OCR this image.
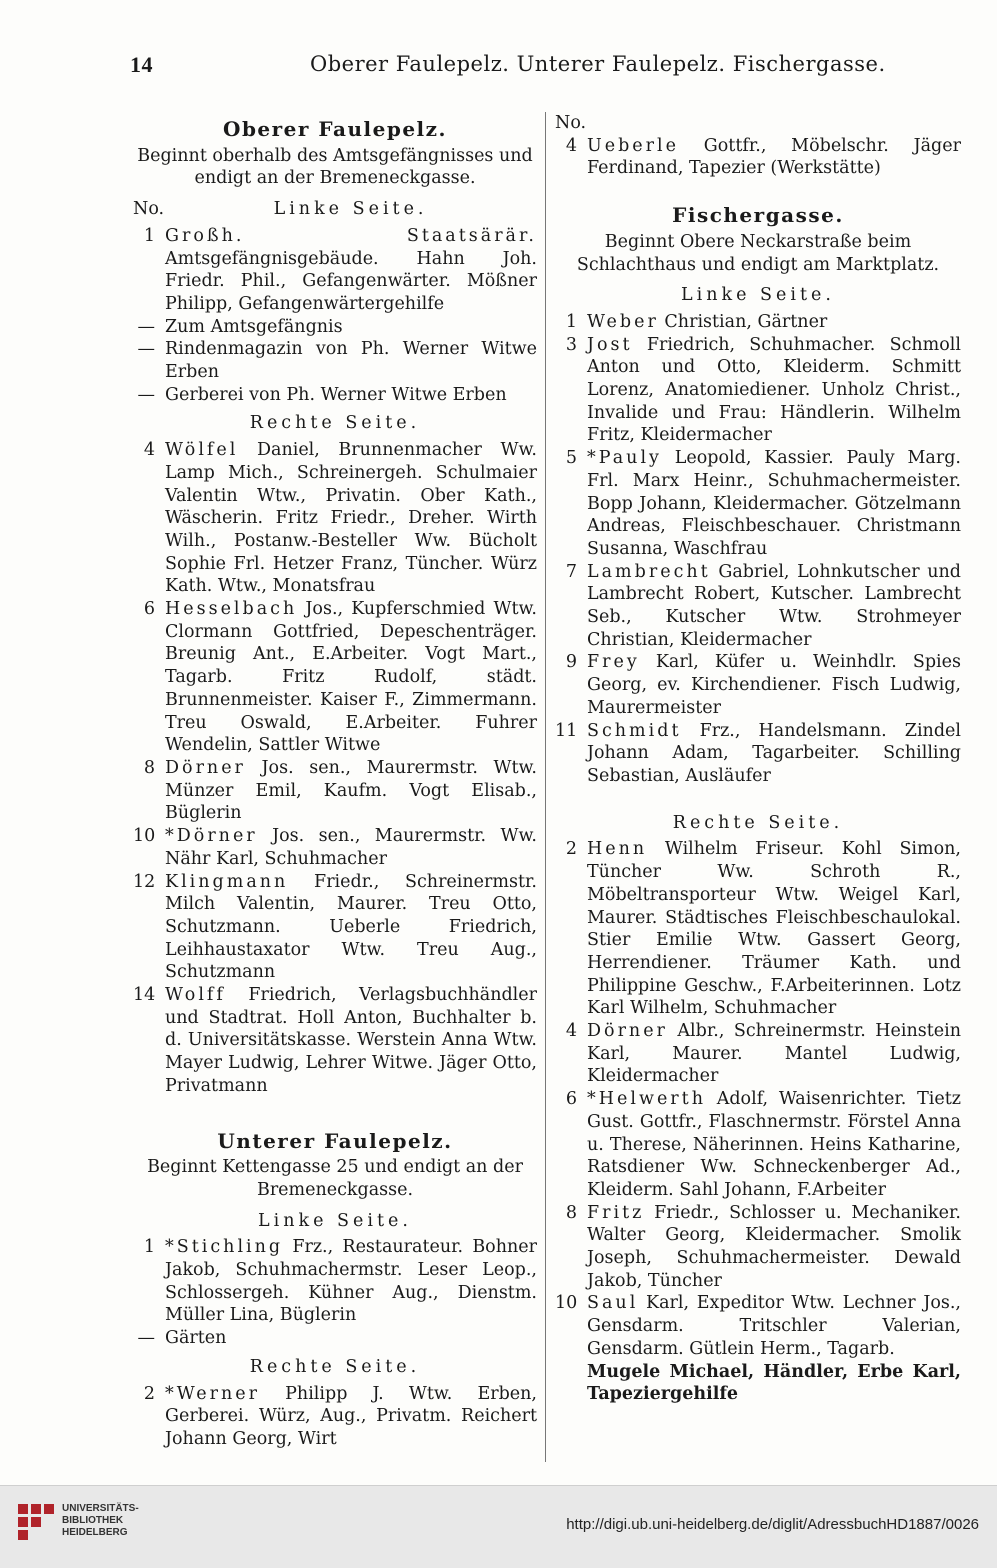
14	Oberer Faulepelz. Unterer Faulepelz. Fischergasse.
Oberer Faulepelz.
Beginnt oberhalb des Amtsgefängnisses und endigt an der Bremeneckgasse.
No.	Linke Seite.
1 Großh. Staatsärär. Amtsgefängnisgebäude. Hahn Joh. Friedr. Phil., Gefangenwärter. Mößner Philipp, Gefangenwärtergehilfe
— Zum Amtsgefängnis
— Rindenmagazin von Ph. Werner Witwe Erben
— Gerberei von Ph. Werner Witwe Erben
Rechte Seite.
4 Wölfel Daniel, Brunnenmacher Ww. Lamp Mich., Schreinergeh. Schulmaier Valentin Wtw., Privatin. Ober Kath., Wäscherin. Fritz Friedr., Dreher. Wirth Wilh., Postanw.-Besteller Ww. Bücholt Sophie Frl. Hetzer Franz, Tüncher. Würz Kath. Wtw., Monatsfrau
6 Hesselbach Jos., Kupferschmied Wtw. Clormann Gottfried, Depeschenträger. Breunig Ant., E.Arbeiter. Vogt Mart., Tagarb. Fritz Rudolf, städt. Brunnenmeister. Kaiser F., Zimmermann. Treu Oswald, E.Arbeiter. Fuhrer Wendelin, Sattler Witwe
8 Dörner Jos. sen., Maurermstr. Wtw. Münzer Emil, Kaufm. Vogt Elisab., Büglerin
10 *Dörner Jos. sen., Maurermstr. Ww. Nähr Karl, Schuhmacher
12 Klingmann Friedr., Schreinermstr. Milch Valentin, Maurer. Treu Otto, Schutzmann. Ueberle Friedrich, Leihhaustaxator Wtw. Treu Aug., Schutzmann
14 Wolff Friedrich, Verlagsbuchhändler und Stadtrat. Holl Anton, Buchhalter b. d. Universitätskasse. Werstein Anna Wtw. Mayer Ludwig, Lehrer Witwe. Jäger Otto, Privatmann
Unterer Faulepelz.
Beginnt Kettengasse 25 und endigt an der Bremeneckgasse.
Linke Seite.
1 *Stichling Frz., Restaurateur. Bohner Jakob, Schuhmachermstr. Leser Leop., Schlossergeh. Kühner Aug., Dienstm. Müller Lina, Büglerin
— Gärten
Rechte Seite.
2 *Werner Philipp J. Wtw. Erben, Gerberei. Würz, Aug., Privatm. Reichert Johann Georg, Wirt
No.
4 Ueberle Gottfr., Möbelschr. Jäger Ferdinand, Tapezier (Werkstätte)
Fischergasse.
Beginnt Obere Neckarstraße beim Schlachthaus und endigt am Marktplatz.
Linke Seite.
1 Weber Christian, Gärtner
3 Jost Friedrich, Schuhmacher. Schmoll Anton und Otto, Kleiderm. Schmitt Lorenz, Anatomiediener. Unholz Christ., Invalide und Frau: Händlerin. Wilhelm Fritz, Kleidermacher
5 *Pauly Leopold, Kassier. Pauly Marg. Frl. Marx Heinr., Schuhmachermeister. Bopp Johann, Kleidermacher. Götzelmann Andreas, Fleischbeschauer. Christmann Susanna, Waschfrau
7 Lambrecht Gabriel, Lohnkutscher und Lambrecht Robert, Kutscher. Lambrecht Seb., Kutscher Wtw. Strohmeyer Christian, Kleidermacher
9 Frey Karl, Küfer u. Weinhdlr. Spies Georg, ev. Kirchendiener. Fisch Ludwig, Maurermeister
11 Schmidt Frz., Handelsmann. Zindel Johann Adam, Tagarbeiter. Schilling Sebastian, Ausläufer
Rechte Seite.
2 Henn Wilhelm Friseur. Kohl Simon, Tüncher Ww. Schroth R., Möbeltransporteur Wtw. Weigel Karl, Maurer. Städtisches Fleischbeschaulokal. Stier Emilie Wtw. Gassert Georg, Herrendiener. Träumer Kath. und Philippine Geschw., F.Arbeiterinnen. Lotz Karl Wilhelm, Schuhmacher
4 Dörner Albr., Schreinermstr. Heinstein Karl, Maurer. Mantel Ludwig, Kleidermacher
6 *Helwerth Adolf, Waisenrichter. Tietz Gust. Gottfr., Flaschnermstr. Förstel Anna u. Therese, Näherinnen. Heins Katharine, Ratsdiener Ww. Schneckenberger Ad., Kleiderm. Sahl Johann, F.Arbeiter
8 Fritz Friedr., Schlosser u. Mechaniker. Walter Georg, Kleidermacher. Smolik Joseph, Schuhmachermeister. Dewald Jakob, Tüncher
10 Saul Karl, Expeditor Wtw. Lechner Jos., Gensdarm. Tritschler Valerian, Gensdarm. Gütlein Herm., Tagarb.
Mugele Michael, Händler, Erbe Karl, Tapeziergehilfe
UNIVERSITÄTS-
BIBLIOTHEK
HEIDELBERG	http://digi.ub.uni-heidelberg.de/diglit/AdressbuchHD1887/0026
